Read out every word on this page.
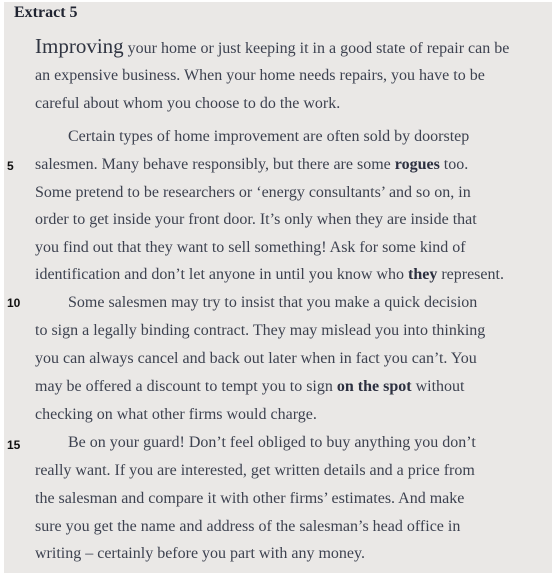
Extract 5
5
10
15
Improving your home or just keeping it in a good state of repair can be
an expensive business. When your home needs repairs, you have to be
careful about whom you choose to do the work.
Certain types of home improvement are often sold by doorstep
salesmen. Many behave responsibly, but there are some rogues too.
Some pretend to be researchers or ‘energy consultants’ and so on, in
order to get inside your front door. It’s only when they are inside that
you find out that they want to sell something! Ask for some kind of
identification and don’t let anyone in until you know who they represent.
Some salesmen may try to insist that you make a quick decision
to sign a legally binding contract. They may mislead you into thinking
you can always cancel and back out later when in fact you can’t. You
may be offered a discount to tempt you to sign on the spot without
checking on what other firms would charge.
Be on your guard! Don’t feel obliged to buy anything you don’t
really want. If you are interested, get written details and a price from
the salesman and compare it with other firms’ estimates. And make
sure you get the name and address of the salesman’s head office in
writing – certainly before you part with any money.
